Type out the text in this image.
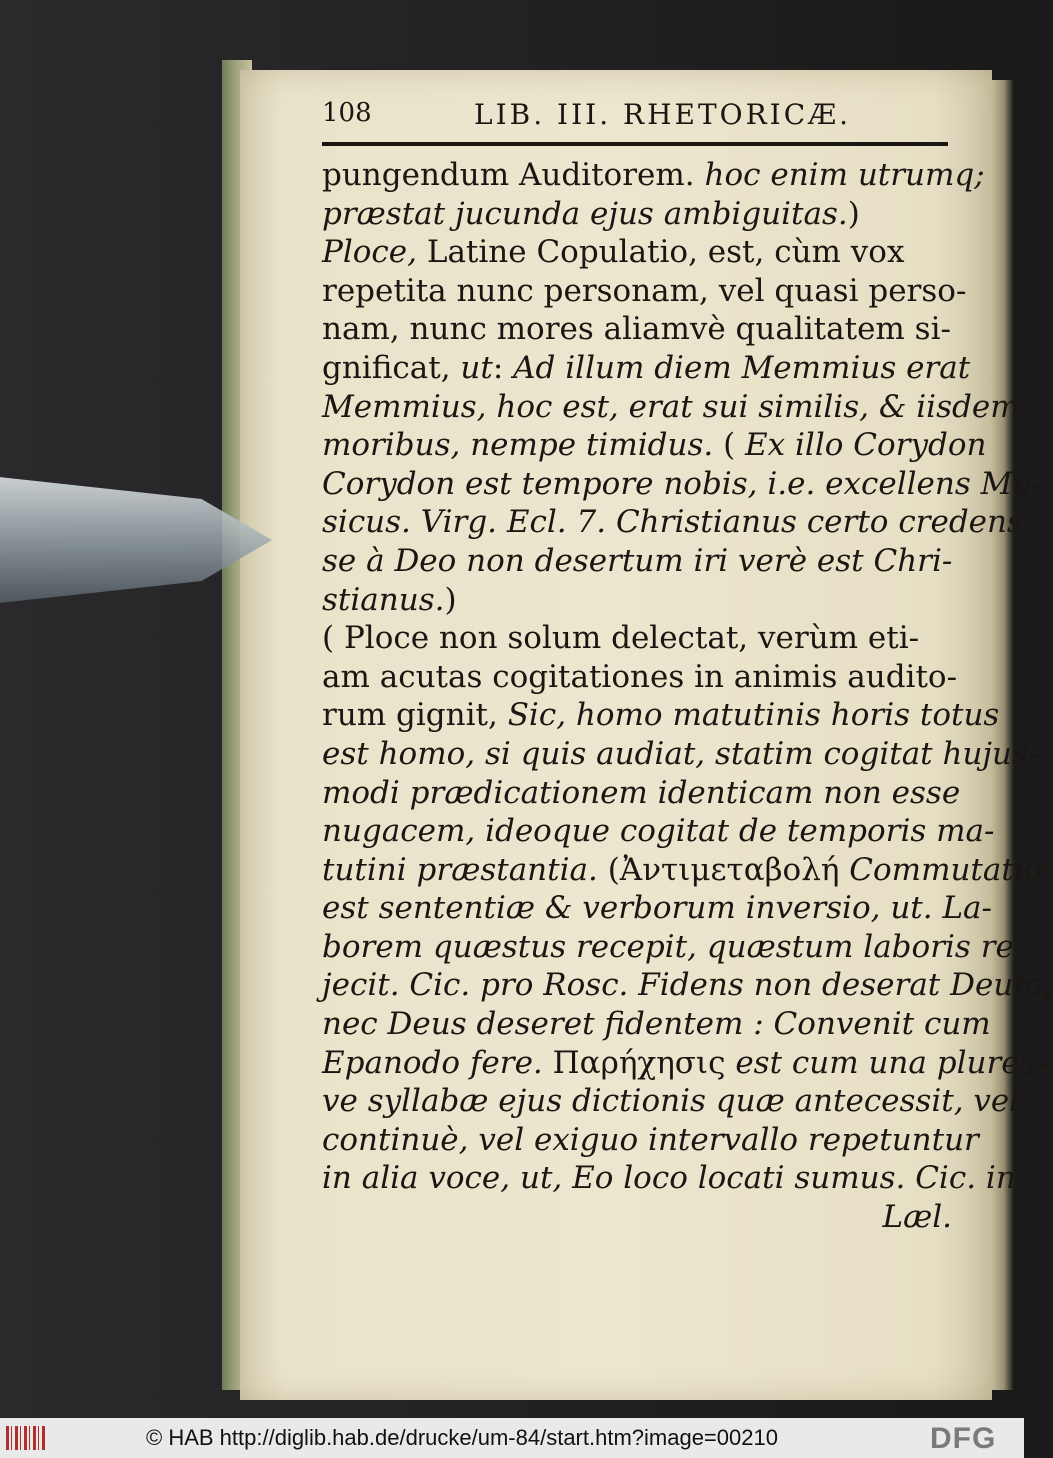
108	LIB. III. RHETORICÆ.
pungendum Auditorem. hoc enim utrumq;
præstat jucunda ejus ambiguitas.)
Ploce, Latine Copulatio, est, cùm vox
repetita nunc personam, vel quasi perso-
nam, nunc mores aliamvè qualitatem si-
gnificat, ut: Ad illum diem Memmius erat
Memmius, hoc est, erat sui similis, & iisdem
moribus, nempe timidus. ( Ex illo Corydon
Corydon est tempore nobis, i.e. excellens Mu-
sicus. Virg. Ecl. 7. Christianus certo credens
se à Deo non desertum iri verè est Chri-
stianus.)
( Ploce non solum delectat, verùm eti-
am acutas cogitationes in animis audito-
rum gignit, Sic, homo matutinis horis totus
est homo, si quis audiat, statim cogitat hujus-
modi prædicationem identicam non esse
nugacem, ideoque cogitat de temporis ma-
tutini præstantia. (Ἀντιμεταβολή Commutatio
est sententiæ & verborum inversio, ut. La-
borem quæstus recepit, quæstum laboris re-
jecit. Cic. pro Rosc. Fidens non deserat Deum,
nec Deus deseret fidentem : Convenit cum
Epanodo fere. Παρήχησις est cum una plures-
ve syllabæ ejus dictionis quæ antecessit, vel
continuè, vel exiguo intervallo repetuntur
in alia voce, ut, Eo loco locati sumus. Cic. in
Læl.
© HAB http://diglib.hab.de/drucke/um-84/start.htm?image=00210	DFG
